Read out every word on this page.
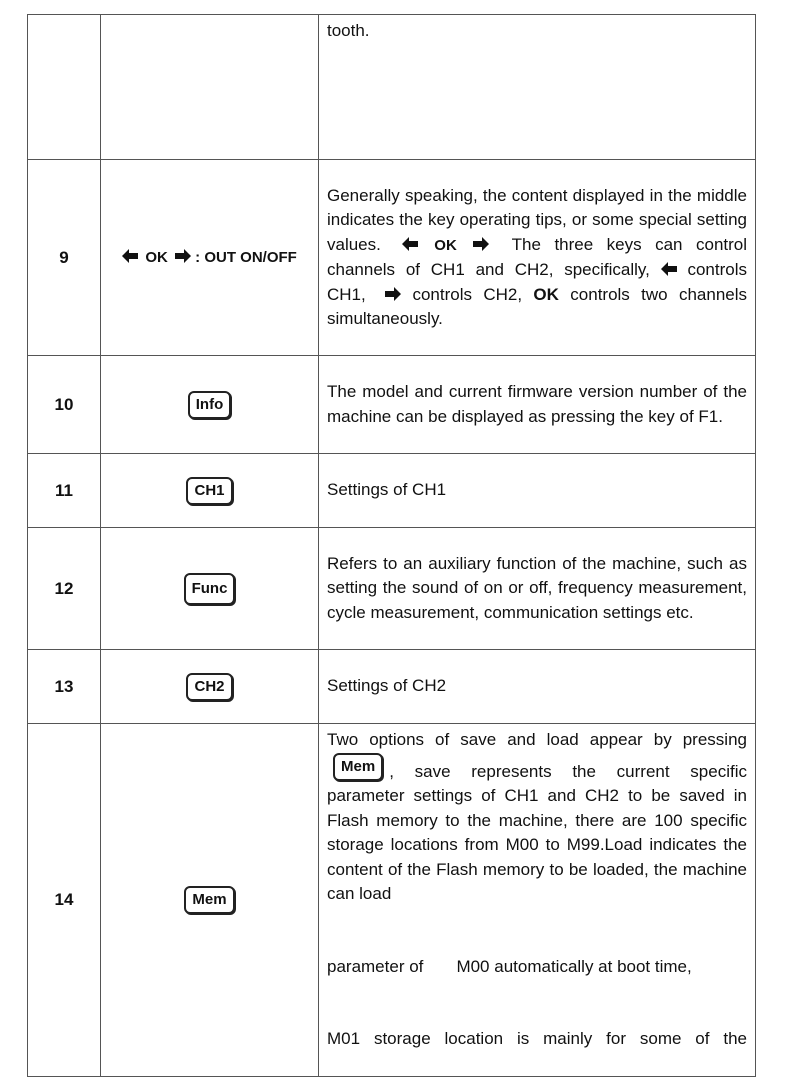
		tooth.
9	OK : OUT ON/OFF	Generally speaking, the content displayed in the middle indicates the key operating tips, or some special setting values. OK The three keys can control channels of CH1 and CH2, specifically, controls CH1, controls CH2, OK controls two channels simultaneously.
10	Info	The model and current firmware version number of the machine can be displayed as pressing the key of F1.
11	CH1	Settings of CH1
12	Func	Refers to an auxiliary function of the machine, such as setting the sound of on or off, frequency measurement, cycle measurement, communication settings etc.
13	CH2	Settings of CH2
14	Mem	Two options of save and load appear by pressing Mem , save represents the current specific parameter settings of CH1 and CH2 to be saved in Flash memory to the machine, there are 100 specific storage locations from M00 to M99.Load indicates the content of the Flash memory to be loaded, the machine can load
parameter of       M00 automatically at boot time,
M01 storage location is mainly for some of the
